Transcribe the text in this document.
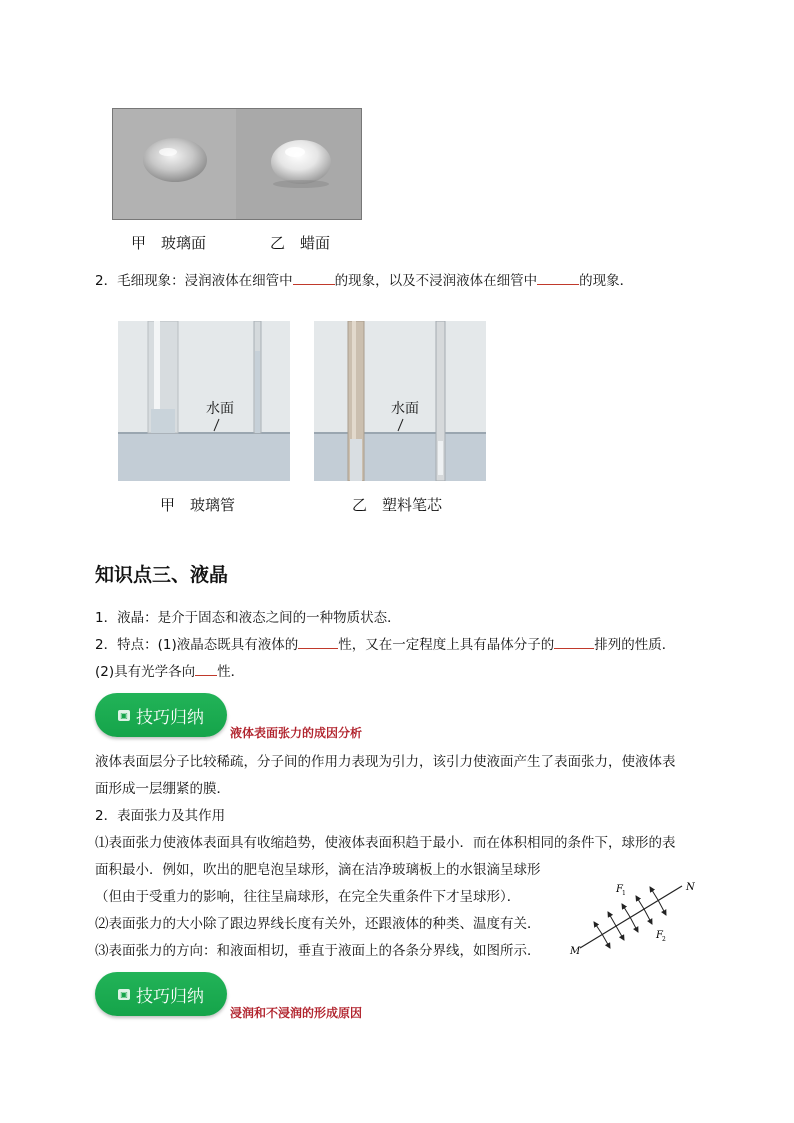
甲　玻璃面	乙　蜡面
2．毛细现象：浸润液体在细管中	的现象，以及不浸润液体在细管中	的现象．
水面	水面
甲　玻璃管	乙　塑料笔芯
知识点三、液晶
1．液晶：是介于固态和液态之间的一种物质状态．
2．特点：(1)液晶态既具有液体的	性，又在一定程度上具有晶体分子的	排列的性质．
(2)具有光学各向 性．
▣ 技巧归纳
液体表面张力的成因分析
液体表面层分子比较稀疏，分子间的作用力表现为引力，该引力使液面产生了表面张力，使液体表
面形成一层绷紧的膜．
2．表面张力及其作用
⑴表面张力使液体表面具有收缩趋势，使液体表面积趋于最小．而在体积相同的条件下，球形的表
面积最小．例如，吹出的肥皂泡呈球形，滴在洁净玻璃板上的水银滴呈球形
（但由于受重力的影响，往往呈扁球形，在完全失重条件下才呈球形）．
⑵表面张力的大小除了跟边界线长度有关外，还跟液体的种类、温度有关．
⑶表面张力的方向：和液面相切，垂直于液面上的各条分界线，如图所示．
F 1
F 2
N
M
▣ 技巧归纳
浸润和不浸润的形成原因
